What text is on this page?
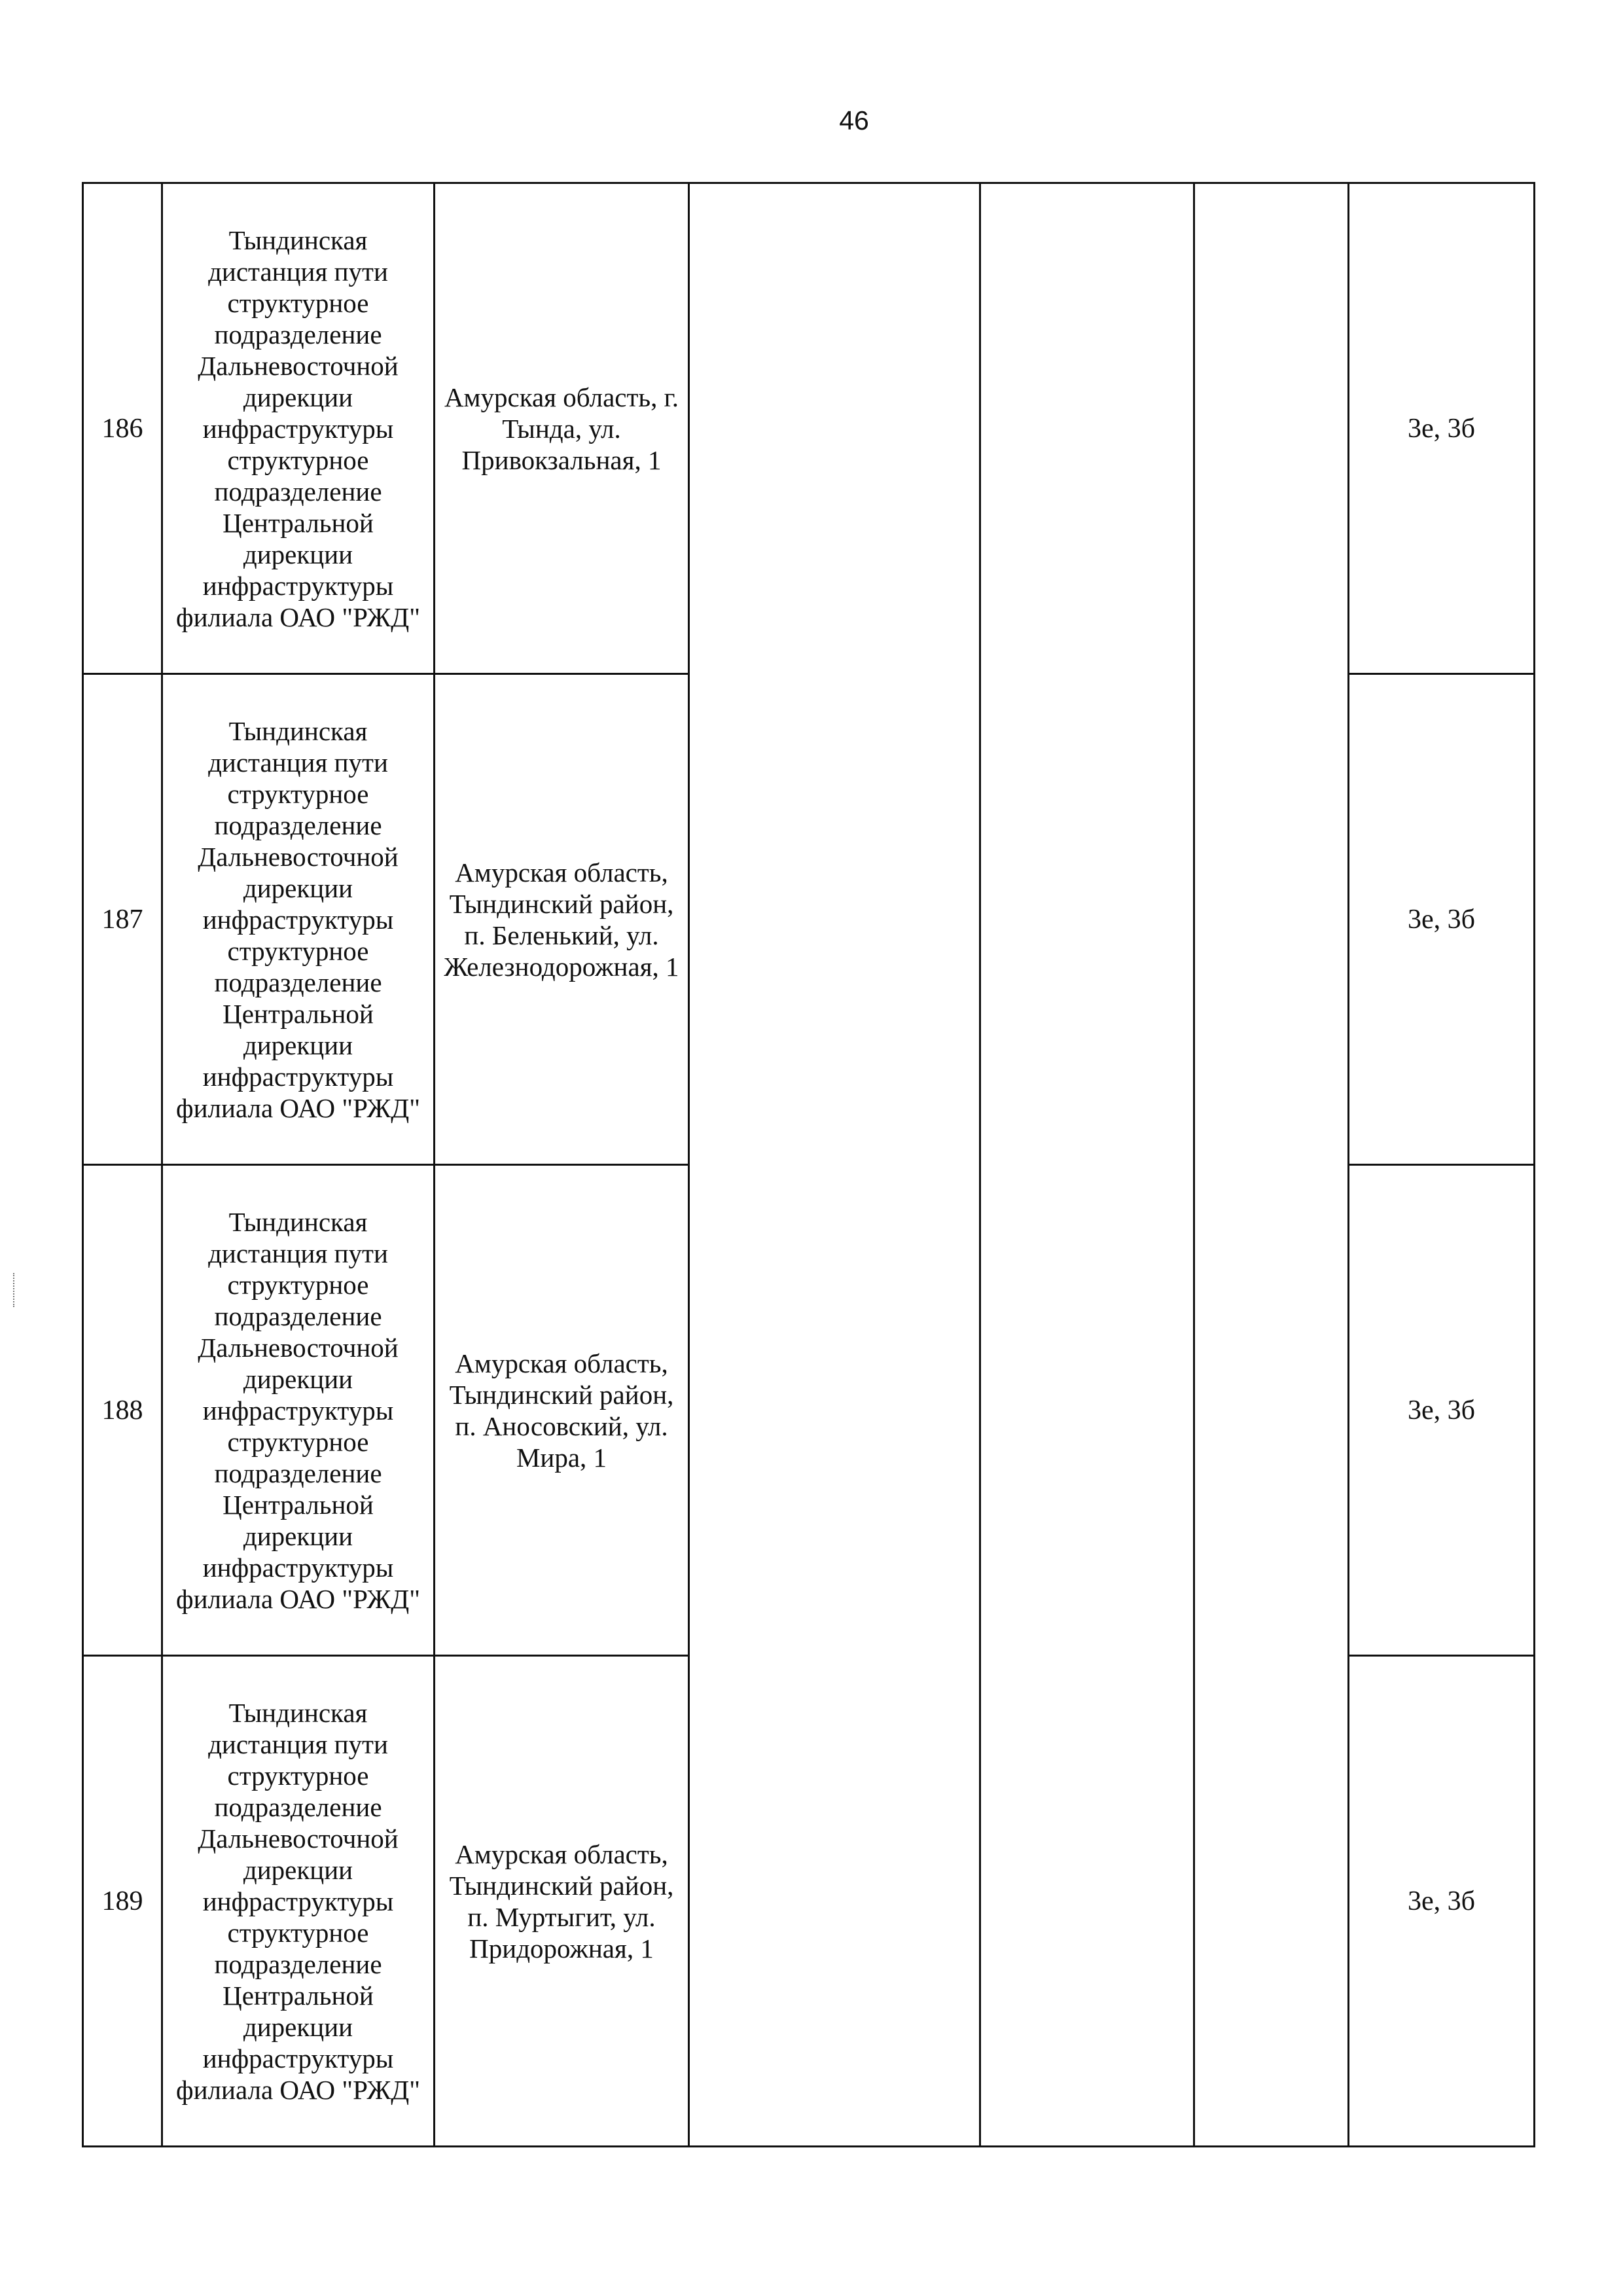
46
186	Тындинская дистанция пути структурное подразделение Дальневосточной дирекции инфраструктуры структурное подразделение Центральной дирекции инфраструктуры филиала ОАО "РЖД"	Амурская область, г. Тында, ул. Привокзальная, 1				3е, 3б
187	Тындинская дистанция пути структурное подразделение Дальневосточной дирекции инфраструктуры структурное подразделение Центральной дирекции инфраструктуры филиала ОАО "РЖД"	Амурская область, Тындинский район, п. Беленький, ул. Железнодорожная, 1				3е, 3б
188	Тындинская дистанция пути структурное подразделение Дальневосточной дирекции инфраструктуры структурное подразделение Центральной дирекции инфраструктуры филиала ОАО "РЖД"	Амурская область, Тындинский район, п. Аносовский, ул. Мира, 1				3е, 3б
189	Тындинская дистанция пути структурное подразделение Дальневосточной дирекции инфраструктуры структурное подразделение Центральной дирекции инфраструктуры филиала ОАО "РЖД"	Амурская область, Тындинский район, п. Муртыгит, ул. Придорожная, 1				3е, 3б
